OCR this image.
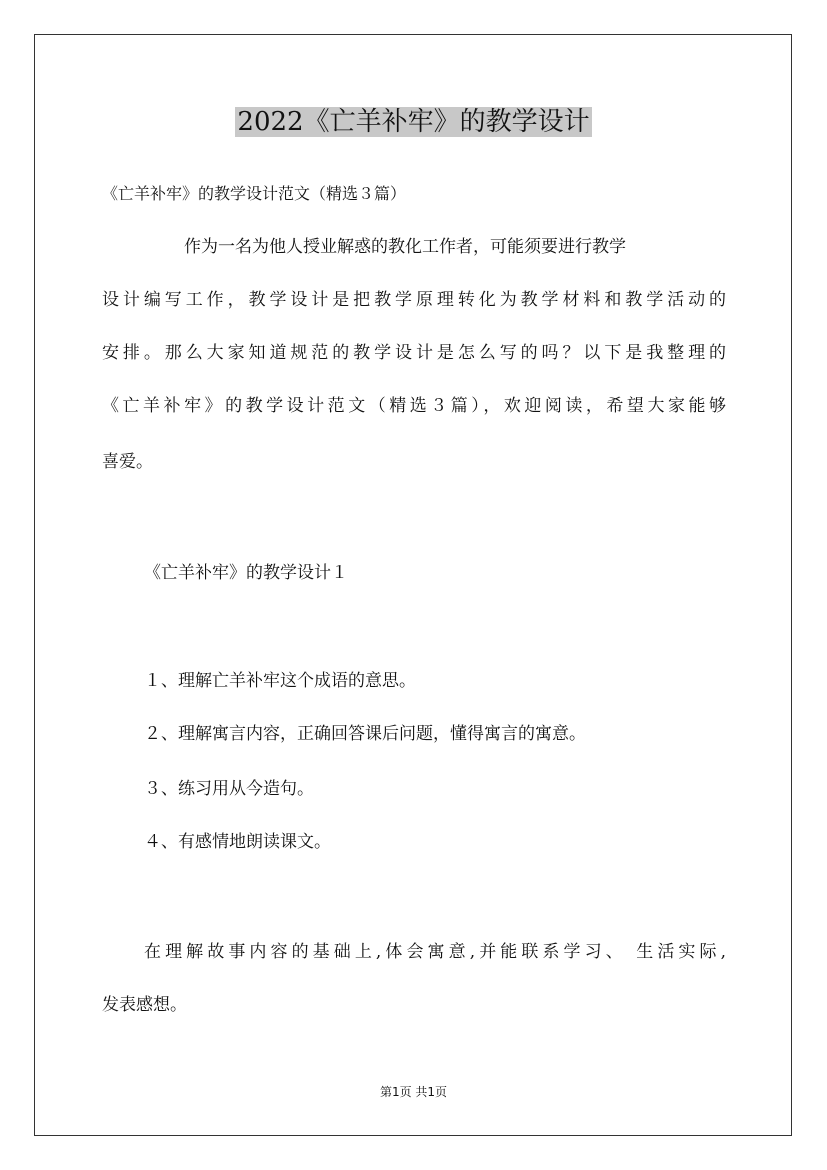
2022《亡羊补牢》的教学设计
《亡羊补牢》的教学设计范文（精选３篇）
作为一名为他人授业解惑的教化工作者，可能须要进行教学
设计编写工作，教学设计是把教学原理转化为教学材料和教学活动的
安排。那么大家知道规范的教学设计是怎么写的吗？以下是我整理的
《亡羊补牢》的教学设计范文（精选３篇），欢迎阅读，希望大家能够
喜爱。
《亡羊补牢》的教学设计１
１、理解亡羊补牢这个成语的意思。
２、理解寓言内容，正确回答课后问题，懂得寓言的寓意。
３、练习用从今造句。
４、有感情地朗读课文。
在理解故事内容的基础上,体会寓意,并能联系学习、 生活实际,
发表感想。
第1页 共1页
